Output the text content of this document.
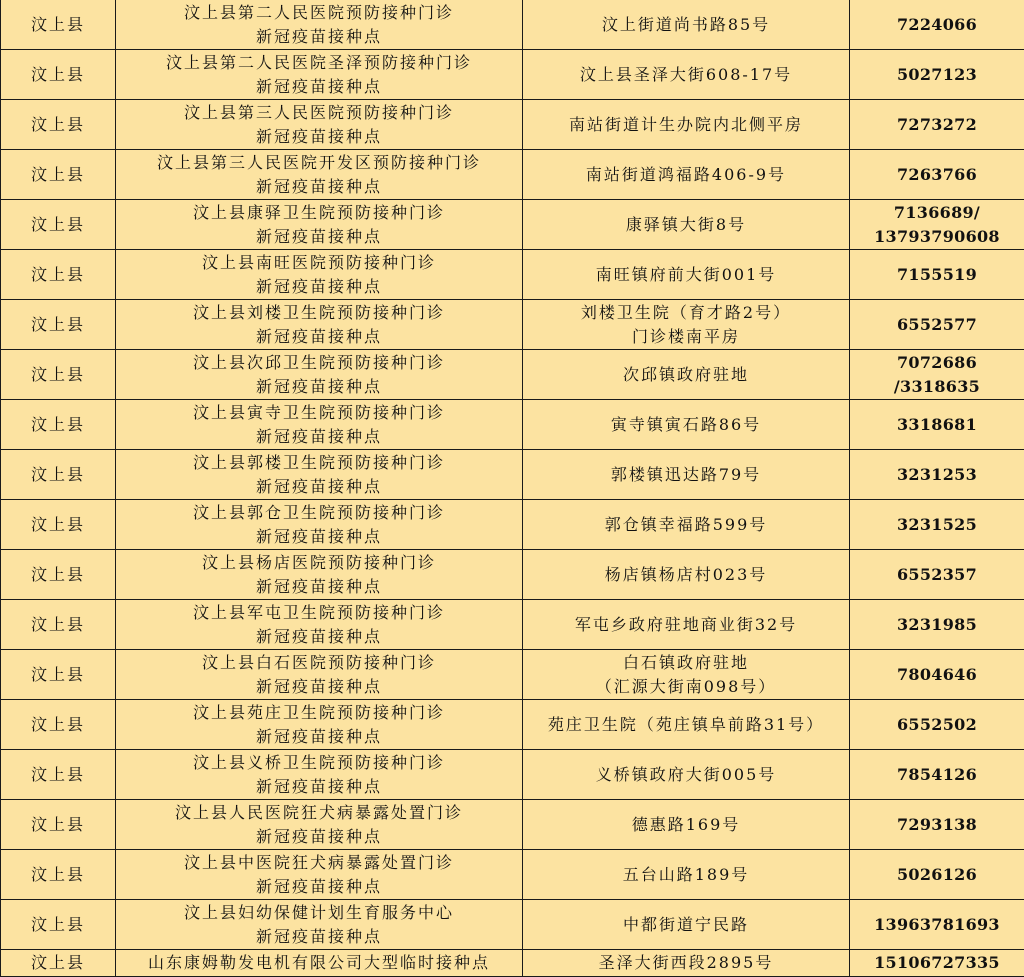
汶上县	汶上县第二人民医院预防接种门诊
新冠疫苗接种点	汶上街道尚书路85号	7224066

汶上县	汶上县第二人民医院圣泽预防接种门诊
新冠疫苗接种点	汶上县圣泽大街608-17号	5027123

汶上县	汶上县第三人民医院预防接种门诊
新冠疫苗接种点	南站街道计生办院内北侧平房	7273272

汶上县	汶上县第三人民医院开发区预防接种门诊
新冠疫苗接种点	南站街道鸿福路406-9号	7263766

汶上县	汶上县康驿卫生院预防接种门诊
新冠疫苗接种点	康驿镇大街8号	7136689/
13793790608

汶上县	汶上县南旺医院预防接种门诊
新冠疫苗接种点	南旺镇府前大街001号	7155519

汶上县	汶上县刘楼卫生院预防接种门诊
新冠疫苗接种点	刘楼卫生院（育才路2号）
门诊楼南平房	6552577

汶上县	汶上县次邱卫生院预防接种门诊
新冠疫苗接种点	次邱镇政府驻地	7072686
/3318635

汶上县	汶上县寅寺卫生院预防接种门诊
新冠疫苗接种点	寅寺镇寅石路86号	3318681

汶上县	汶上县郭楼卫生院预防接种门诊
新冠疫苗接种点	郭楼镇迅达路79号	3231253

汶上县	汶上县郭仓卫生院预防接种门诊
新冠疫苗接种点	郭仓镇幸福路599号	3231525

汶上县	汶上县杨店医院预防接种门诊
新冠疫苗接种点	杨店镇杨店村023号	6552357

汶上县	汶上县军屯卫生院预防接种门诊
新冠疫苗接种点	军屯乡政府驻地商业街32号	3231985

汶上县	汶上县白石医院预防接种门诊
新冠疫苗接种点	白石镇政府驻地
（汇源大街南098号）	7804646

汶上县	汶上县苑庄卫生院预防接种门诊
新冠疫苗接种点	苑庄卫生院（苑庄镇阜前路31号）	6552502

汶上县	汶上县义桥卫生院预防接种门诊
新冠疫苗接种点	义桥镇政府大街005号	7854126

汶上县	汶上县人民医院狂犬病暴露处置门诊
新冠疫苗接种点	德惠路169号	7293138

汶上县	汶上县中医院狂犬病暴露处置门诊
新冠疫苗接种点	五台山路189号	5026126

汶上县	汶上县妇幼保健计划生育服务中心
新冠疫苗接种点	中都街道宁民路	13963781693

汶上县	山东康姆勒发电机有限公司大型临时接种点	圣泽大街西段2895号	15106727335
